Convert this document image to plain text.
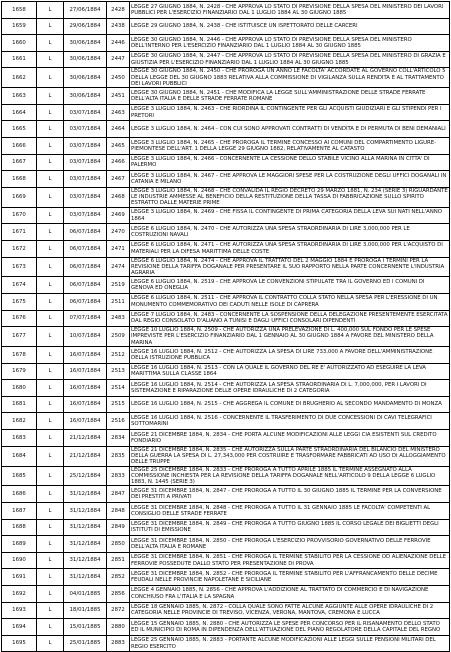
1658	L	27/06/1884	2428	LEGGE 27 GIUGNO 1884, N. 2428 - CHE APPROVA LO STATO DI PREVISIONE DELLA SPESA DEL MINISTERO DEI LAVORI PUBBLICI PER L'ESERCIZIO FINANZIARIO DAL 1 LUGLIO 1884 AL 30 GIUGNO 1885
1659	L	29/06/1884	2438	LEGGE 29 GIUGNO 1884, N. 2438 - CHE ISTITUISCE UN ISPETTORATO DELLE CARCERI
1660	L	30/06/1884	2446	LEGGE 30 GIUGNO 1884, N. 2446 - CHE APPROVA LO STATO DI PREVISIONE DELLA SPESA DEL MINISTERO DELL'INTERNO PER L'ESERCIZIO FINANZIARIO DAL 1 LUGLIO 1884 AL 30 GIUGNO 1885
1661	L	30/06/1884	2447	LEGGE 30 GIUGNO 1884, N. 2447 - CHE APPROVA LO STATO DI PREVISIONE DELLA SPESA DEL MINISTERO DI GRAZIA E GIUSTIZIA PER L'ESERCIZIO FINANZIARIO DAL 1 LUGLIO 1884 AL 30 GIUGNO 1885
1662	L	30/06/1884	2450	LEGGE 30 GIUGNO 1884, N. 2450 - CHE PROROGA UN ANNO LE FACOLTA' ACCORDATE AL GOVERNO COLL'ARTICOLO 5 DELLA LEGGE DEL 30 GIUGNO 1883 RELATIVA ALLA COMMISSIONE DI VIGILANZA SULLA RENDITA E AL TRATTAMENTO DEI LAVORI PUBBLICI
1663	L	30/06/1884	2451	LEGGE 30 GIUGNO 1884, N. 2451 - CHE MODIFICA LA LEGGE SULL'AMMINISTRAZIONE DELLE STRADE FERRATE DELL'ALTA ITALIA E DELLE STRADE FERRATE ROMANE
1664	L	03/07/1884	2463	LEGGE 3 LUGLIO 1884, N. 2463 - CHE RIORDINA IL CONTINGENTE PER GLI ACQUISTI GIUDIZIARI E GLI STIPENDI PER I PRETORI
1665	L	03/07/1884	2464	LEGGE 3 LUGLIO 1884, N. 2464 - CON CUI SONO APPROVATI CONTRATTI DI VENDITA E DI PERMUTA DI BENI DEMANIALI
1666	L	03/07/1884	2465	LEGGE 3 LUGLIO 1884, N. 2465 - CHE PROROGA IL TERMINE CONCESSO AI COMUNI DEL COMPARTIMENTO LIGURE-PIEMONTESE DELL'ART. 1 DELLA LEGGE 29 GIUGNO 1882, RELATIVAMENTE AL CATASTO
1667	L	03/07/1884	2466	LEGGE 3 LUGLIO 1884, N. 2466 - CONCERNENTE LA CESSIONE DELLO STABILE VICINO ALLA MARINA IN CITTA' DI PALERMO
1668	L	03/07/1884	2467	LEGGE 3 LUGLIO 1884, N. 2467 - CHE APPROVA LE MAGGIORI SPESE PER LA COSTRUZIONE DEGLI UFFICI DOGANALI IN CATANIA E MILANO
1669	L	03/07/1884	2468	LEGGE 3 LUGLIO 1884, N. 2468 - CHE CONVALIDA IL REGIO DECRETO 29 MARZO 1881, N. 234 (SERIE 3) RIGUARDANTE LE INDUSTRIE AMMESSE AL BENEFICIO DELLA RESTITUZIONE DELLA TASSA DI FABBRICAZIONE SULLO SPIRITO ESTRATTO DALLE MATERIE PRIME
1670	L	03/07/1884	2469	LEGGE 3 LUGLIO 1884, N. 2469 - CHE FISSA IL CONTINGENTE DI PRIMA CATEGORIA DELLA LEVA SUI NATI NELL'ANNO 1864
1671	L	06/07/1884	2470	LEGGE 6 LUGLIO 1884, N. 2470 - CHE AUTORIZZA UNA SPESA STRAORDINARIA DI LIRE 3,000,000 PER LE COSTRUZIONI NAVALI
1672	L	06/07/1884	2471	LEGGE 6 LUGLIO 1884, N. 2471 - CHE AUTORIZZA UNA SPESA STRAORDINARIA DI LIRE 3,000,000 PER L'ACQUISTO DI MATERIALI PER LA DIFESA MARITTIMA DELLE COSTE
1673	L	06/07/1884	2474	LEGGE 6 LUGLIO 1884, N. 2474 - CHE APPROVA IL TRATTATO DEL 2 MAGGIO 1884 E PROROGA I TERMINI PER LA REVISIONE DELLA TARIFFA DOGANALE PER PRESENTARE IL SUO RAPPORTO NELLA PARTE CONCERNENTE L'INDUSTRIA AGRARIA
1674	L	06/07/1884	2519	LEGGE 6 LUGLIO 1884, N. 2519 - CHE APPROVA LE CONVENZIONI STIPULATE TRA IL GOVERNO ED I COMUNI DI GENOVA ED ONEGLIA
1675	L	06/07/1884	2511	LEGGE 6 LUGLIO 1884, N. 2511 - CHE APPROVA IL CONTRATTO COLLA STATO NELLA SPESA PER L'ERESSIONE DI UN MONUMENTO COMMEMORATIVO DEI CADUTI NELLE ISOLE DI CAPRERA
1676	L	07/07/1884	2483	LEGGE 7 LUGLIO 1884, N. 2483 - CONCERNENTE LA SOSPENSIONE DELLA DELEGAZIONE PRESENTEMENTE ESERCITATA DAL REGIO CONSOLATO D'ALIANO A TUNISI E DAGLI UFFICI CONSOLARI DIPENDENTI
1677	L	10/07/1884	2509	LEGGE 10 LUGLIO 1884, N. 2509 - CHE AUTORIZZA UNA PRELEVAZIONE DI L. 400,000 SUL FONDO PER LE SPESE IMPREVISTE PER L'ESERCIZIO FINANZIARIO DAL 1 GENNAIO AL 30 GIUGNO 1884 A FAVORE DEL MINISTERO DELLA MARINA
1678	L	16/07/1884	2512	LEGGE 16 LUGLIO 1884, N. 2512 - CHE AUTORIZZA LA SPESA DI LIRE 733,000 A FAVORE DELL'AMMINISTRAZIONE DELLA ISTRUZIONE PUBBLICA
1679	L	16/07/1884	2513	LEGGE 16 LUGLIO 1884, N. 2513 - CON LA QUALE IL GOVERNO DEL RE E' AUTORIZZATO AD ESEGUIRE LA LEVA MARITTIMA SULLA CLASSE 1864
1680	L	16/07/1884	2514	LEGGE 16 LUGLIO 1884, N. 2514 - CHE AUTORIZZA LA SPESA STRAORDINARIA DI L. 7,000,000, PER I LAVORI DI SISTEMAZIONE E RIPARAZIONE DELLE OPERE IDRAULICHE DI 2 CATEGORIA
1681	L	16/07/1884	2515	LEGGE 16 LUGLIO 1884, N. 2515 - CHE AGGREGA IL COMUNE DI BRUGHERIO AL SECONDO MANDAMENTO DI MONZA
1682	L	16/07/1884	2516	LEGGE 16 LUGLIO 1884, N. 2516 - CONCERNENTE IL TRASFERIMENTO DI DUE CONCESSIONI DI CAVI TELEGRAFICI SOTTOMARINI
1683	L	21/12/1884	2834	LEGGE 21 DICEMBRE 1884, N. 2834 - CHE PORTA ALCUNE MODIFICAZIONI ALLE LEGGI CIA ESISTENTI SUL CREDITO FONDIARIO
1684	L	21/12/1884	2835	LEGGE 21 DICEMBRE 1884, N. 2835 - CHE AUTORIZZA SULLA PARTE STRAORDINARIA DEL BILANCIO DEL MINISTERO DELLA GUERRA LA SPESA DI L. 27,343,000 PER COSTRUIRE E TRASFORMARE FABBRICATI AD USO DI ALLOGGIAMENTO DELLE TRUPPE
1685	L	25/12/1884	2833	LEGGE 25 DICEMBRE 1884, N. 2833 - CHE PROROGA A TUTTO APRILE 1885 IL TERMINE ASSEGNATO ALLA COMMISSIONE INCHIESTA PER LA REVISIONE DELLA TARIFFA DOGANALE NELL'ARTICOLO 9 DELLA LEGGE 6 LUGLIO 1883, N. 1445 (SERIE 3)
1686	L	31/12/1884	2847	LEGGE 31 DICEMBRE 1884, N. 2847 - CHE PROROGA A TUTTO IL 30 GIUGNO 1885 IL TERMINE PER LA CONVERSIONE DEI PRESTITI A PRIVATI
1687	L	31/12/1884	2848	LEGGE 31 DICEMBRE 1884, N. 2848 - CHE PROROGA A TUTTO IL 31 GENNAIO 1885 LE FACOLTA' COMPETENTI AL CONSIGLIO DELLE STRADE FERRATE
1688	L	31/12/1884	2849	LEGGE 31 DICEMBRE 1884, N. 2849 - CHE PROROGA A TUTTO GIUGNO 1885 IL CORSO LEGALE DEI BIGLIETTI DEGLI ISTITUTI DI EMISSIONE
1689	L	31/12/1884	2850	LEGGE 31 DICEMBRE 1884, N. 2850 - CHE PROROGA L'ESERCIZIO PROVVISORIO GOVERNATIVO DELLE FERROVIE DELL'ALTA ITALIA E ROMANE
1690	L	31/12/1884	2851	LEGGE 31 DICEMBRE 1884, N. 2851 - CHE PROROGA IL TERMINE STABILITO PER LA CESSIONE OD ALIENAZIONE DELLE FERROVIE POSSEDUTE DALLO STATO PER PRESENTAZIONE DI PROVA
1691	L	31/12/1884	2852	LEGGE 31 DICEMBRE 1884, N. 2852 - CHE PROROGA IL TERMINE STABILITO PER L'AFFRANCAMENTO DELLE DECIME FEUDALI NELLE PROVINCIE NAPOLETANE E SICILIANE
1692	L	04/01/1885	2856	LEGGE 4 GENNAIO 1885, N. 2856 - CHE APPROVA L'ADDIZIONE AL TRATTATO DI COMMERCIO E DI NAVIGAZIONE CONCHIUSO FRA L'ITALIA E LA SPAGNA
1693	L	18/01/1885	2872	LEGGE 18 GENNAIO 1885, N. 2872 - COLLA QUALE SONO FATTE ALCUNE AGGIUNTE ALLE OPERE IDRAULICHE DI 2 CATEGORIA NELLE PROVINCIE DI TREVISO, VICENZA, VERONA, MANTOVA, CREMONA E LUCCA
1694	L	15/01/1885	2880	LEGGE 15 GENNAIO 1885, N. 2880 - CHE AUTORIZZA LE SPESE PER CONCORSO PER IL RISANAMENTO DELLO STATO ED IL MUNICIPIO DI ROMA IN DIPENDENZA DELL'ATTUAZIONE DEL PIANO REGOLATORE DELLA CAPITALE DEL REGNO
1695	L	25/01/1885	2883	LEGGE 25 GENNAIO 1885, N. 2883 - PORTANTE ALCUNE MODIFICAZIONI ALLE LEGGI SULLE PENSIONI MILITARI DEL REGIO ESERCITO
